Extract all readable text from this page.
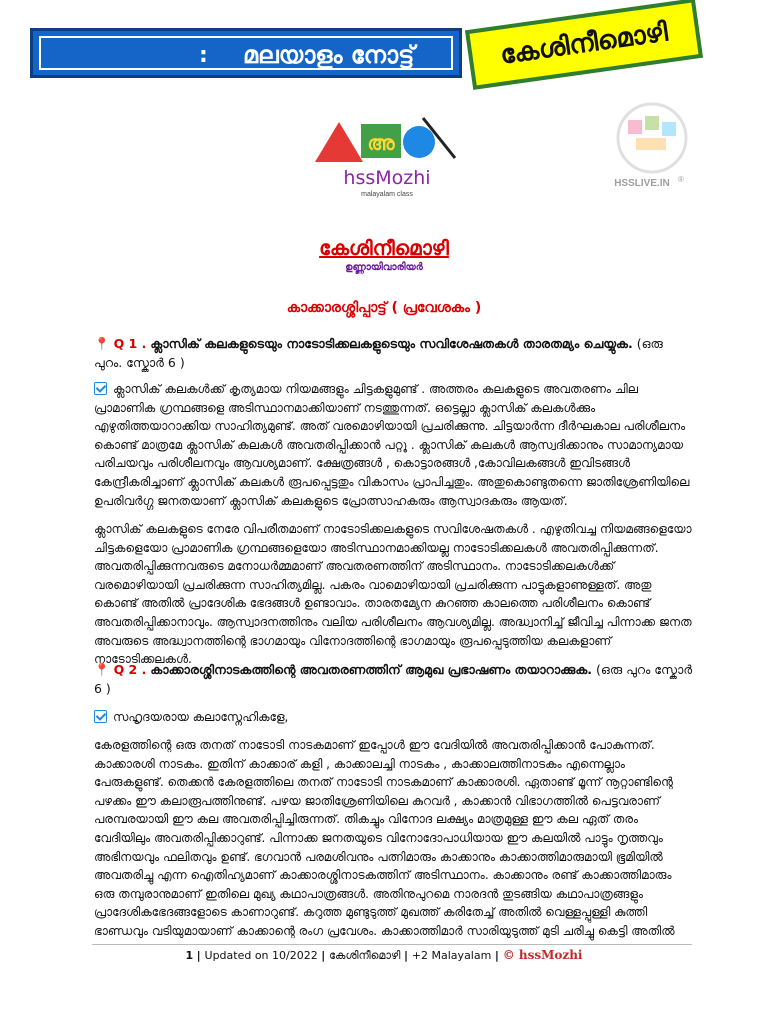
: മലയാളം നോട്ട്	കേശിനീമൊഴി
HSSLIVE.IN ®
അ
hssMozhi
malayalam class
കേശിനീമൊഴി
ഉണ്ണായിവാരിയർ
കാക്കാരശ്ശിപ്പാട്ട് ( പ്രവേശകം )
📍 Q 1 . ക്ലാസിക് കലകളുടെയും നാടോടിക്കലകളുടെയും സവിശേഷതകൾ താരതമ്യം ചെയ്യുക. (ഒരു പുറം. സ്കോർ 6 )
ക്ലാസിക് കലകൾക്ക് കൃത്യമായ നിയമങ്ങളും ചിട്ടകളുമുണ്ട് . അത്തരം കലകളുടെ അവതരണം ചില പ്രാമാണിക ഗ്രന്ഥങ്ങളെ അടിസ്ഥാനമാക്കിയാണ് നടത്തുന്നത്. ഒട്ടെല്ലാ ക്ലാസിക് കലകൾക്കും എഴുതിത്തയാറാക്കിയ സാഹിത്യമുണ്ട്. അത് വരമൊഴിയായി പ്രചരിക്കുന്നു. ചിട്ടയാർന്ന ദീർഘകാല പരിശീലനം കൊണ്ട് മാത്രമേ ക്ലാസിക് കലകൾ അവതരിപ്പിക്കാൻ പറ്റൂ . ക്ലാസിക് കലകൾ ആസ്വദിക്കാനും സാമാന്യമായ പരിചയവും പരിശീലനവും ആവശ്യമാണ്. ക്ഷേത്രങ്ങൾ , കൊട്ടാരങ്ങൾ ,കോവിലകങ്ങൾ ഇവിടങ്ങൾ കേന്ദ്രീകരിച്ചാണ് ക്ലാസിക് കലകൾ രൂപപ്പെട്ടതും വികാസം പ്രാപിച്ചതും. അതുകൊണ്ടുതന്നെ ജാതിശ്രേണിയിലെ ഉപരിവർഗ്ഗ ജനതയാണ് ക്ലാസിക് കലകളുടെ പ്രോത്സാഹകരും ആസ്വാദകരും ആയത്.
ക്ലാസിക് കലകളുടെ നേരേ വിപരീതമാണ് നാടോടിക്കലകളുടെ സവിശേഷതകൾ . എഴുതിവച്ച നിയമങ്ങളെയോ ചിട്ടകളെയോ പ്രാമാണിക ഗ്രന്ഥങ്ങളെയോ അടിസ്ഥാനമാക്കിയല്ല നാടോടിക്കലകൾ അവതരിപ്പിക്കുന്നത്. അവതരിപ്പിക്കുന്നവരുടെ മനോധർമ്മമാണ് അവതരണത്തിന് അടിസ്ഥാനം. നാടോടിക്കലകൾക്ക് വരമൊഴിയായി പ്രചരിക്കുന്ന സാഹിത്യമില്ല. പകരം വാമൊഴിയായി പ്രചരിക്കുന്ന പാട്ടുകളാണുള്ളത്. അതു കൊണ്ട് അതിൽ പ്രാദേശിക ഭേദങ്ങൾ ഉണ്ടാവാം. താരതമ്യേന കുറഞ്ഞ കാലത്തെ പരിശീലനം കൊണ്ട് അവതരിപ്പിക്കാനാവും. ആസ്വാദനത്തിനും വലിയ പരിശീലനം ആവശ്യമില്ല. അദ്ധ്വാനിച്ച് ജീവിച്ച പിന്നാക്ക ജനത അവരുടെ അദ്ധ്വാനത്തിന്റെ ഭാഗമായും വിനോദത്തിന്റെ ഭാഗമായും രൂപപ്പെടുത്തിയ കലകളാണ് നാടോടിക്കലകൾ.
📍 Q 2 . കാക്കാരശ്ശിനാടകത്തിന്റെ അവതരണത്തിന് ആമുഖ പ്രഭാഷണം തയാറാക്കുക. (ഒരു പുറം സ്കോർ 6 )
സഹൃദയരായ കലാസ്നേഹികളേ,
കേരളത്തിന്റെ ഒരു തനത് നാടോടി നാടകമാണ് ഇപ്പോൾ ഈ വേദിയിൽ അവതരിപ്പിക്കാൻ പോകുന്നത്. കാക്കാരശി നാടകം. ഇതിന് കാക്കാര് കളി , കാക്കാലച്ചി നാടകം , കാക്കാലത്തിനാടകം എന്നെല്ലാം പേരുകളുണ്ട്. തെക്കൻ കേരളത്തിലെ തനത് നാടോടി നാടകമാണ് കാക്കാരശി. ഏതാണ്ട് മൂന്ന് നൂറ്റാണ്ടിന്റെ പഴക്കം ഈ കലാരൂപത്തിനുണ്ട്. പഴയ ജാതിശ്രേണിയിലെ കുറവർ , കാക്കാൻ വിഭാഗത്തിൽ പെട്ടവരാണ് പരമ്പരയായി ഈ കല അവതരിപ്പിച്ചിരുന്നത്. തികച്ചും വിനോദ ലക്ഷ്യം മാത്രമുള്ള ഈ കല ഏത് തരം വേദിയിലും അവതരിപ്പിക്കാറുണ്ട്. പിന്നാക്ക ജനതയുടെ വിനോദോപാധിയായ ഈ കലയിൽ പാട്ടും നൃത്തവും അഭിനയവും ഫലിതവും ഉണ്ട്. ഭഗവാൻ പരമശിവനും പത്നിമാരും കാക്കാനും കാക്കാത്തിമാരുമായി ഭൂമിയിൽ അവതരിച്ചു എന്ന ഐതിഹ്യമാണ് കാക്കാരശ്ശിനാടകത്തിന് അടിസ്ഥാനം. കാക്കാനും രണ്ട് കാക്കാത്തിമാരും ഒരു തമ്പുരാനുമാണ് ഇതിലെ മുഖ്യ കഥാപാത്രങ്ങൾ. അതിനുപുറമെ നാരദൻ തുടങ്ങിയ കഥാപാത്രങ്ങളും പ്രാദേശികഭേദങ്ങളോടെ കാണാറുണ്ട്. കറുത്ത മുണ്ടുടുത്ത് മുഖത്ത് കരിതേച്ച് അതിൽ വെള്ളപ്പുള്ളി കുത്തി ഭാണ്ഡവും വടിയുമായാണ് കാക്കാന്റെ രംഗ പ്രവേശം. കാക്കാത്തിമാർ സാരിയുടുത്ത് മുടി ചരിച്ചു കെട്ടി അതിൽ
1 | Updated on 10/2022 | കേശിനീമൊഴി | +2 Malayalam | © hssMozhi
